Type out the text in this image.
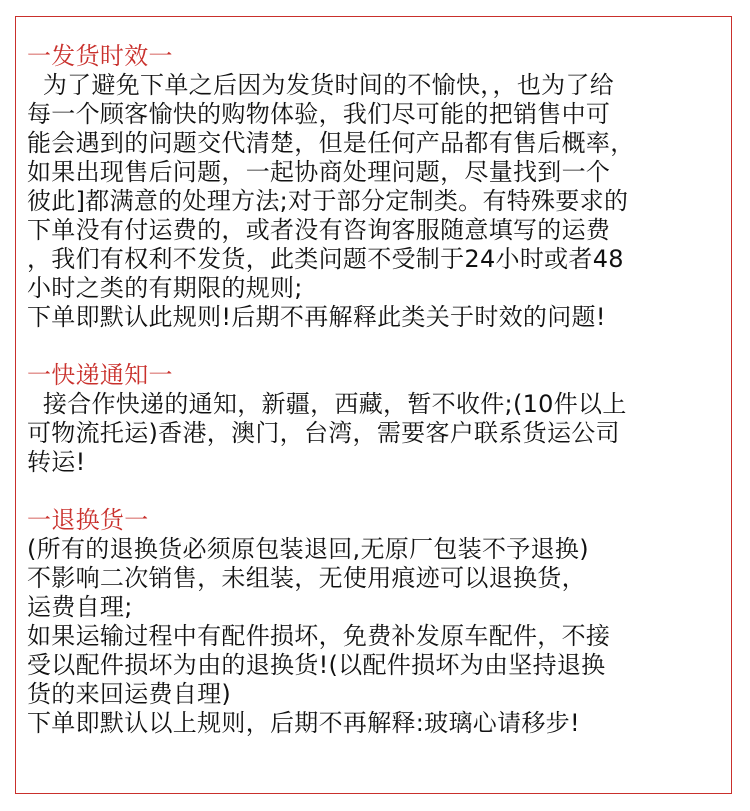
一发货时效一
为了避免下单之后因为发货时间的不愉快，，也为了给
每一个顾客愉快的购物体验，我们尽可能的把销售中可
能会遇到的问题交代清楚，但是任何产品都有售后概率，
如果出现售后问题，一起协商处理问题，尽量找到一个
彼此]都满意的处理方法;对于部分定制类。有特殊要求的
下单没有付运费的，或者没有咨询客服随意填写的运费
，我们有权利不发货，此类问题不受制于24小时或者48
小时之类的有期限的规则;
下单即默认此规则!后期不再解释此类关于时效的问题!
一快递通知一
接合作快递的通知，新疆，西藏，暂不收件;(10件以上
可物流托运)香港，澳门，台湾，需要客户联系货运公司
转运!
一退换货一
(所有的退换货必须原包装退回,无原厂包装不予退换)
不影响二次销售，未组装，无使用痕迹可以退换货，
运费自理;
如果运输过程中有配件损坏，免费补发原车配件，不接
受以配件损坏为由的退换货!(以配件损坏为由坚持退换
货的来回运费自理)
下单即默认以上规则，后期不再解释:玻璃心请移步!
